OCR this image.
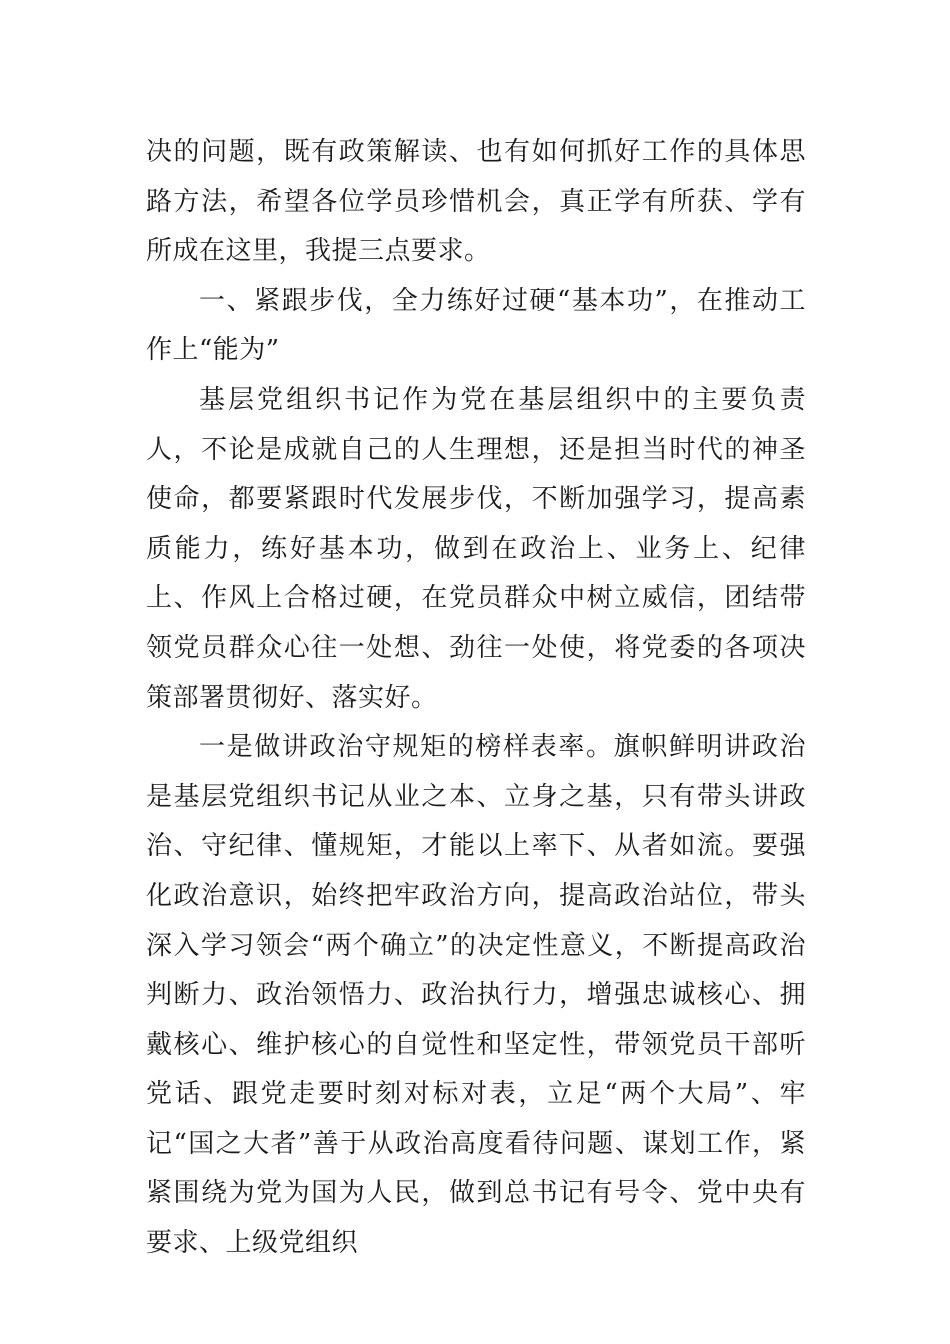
决的问题，既有政策解读、也有如何抓好工作的具体思路方法，希望各位学员珍惜机会，真正学有所获、学有所成在这里，我提三点要求。

一、紧跟步伐，全力练好过硬“基本功”，在推动工作上“能为”

基层党组织书记作为党在基层组织中的主要负责人，不论是成就自己的人生理想，还是担当时代的神圣使命，都要紧跟时代发展步伐，不断加强学习，提高素质能力，练好基本功，做到在政治上、业务上、纪律上、作风上合格过硬，在党员群众中树立威信，团结带领党员群众心往一处想、劲往一处使，将党委的各项决策部署贯彻好、落实好。

一是做讲政治守规矩的榜样表率。旗帜鲜明讲政治是基层党组织书记从业之本、立身之基，只有带头讲政治、守纪律、懂规矩，才能以上率下、从者如流。要强化政治意识，始终把牢政治方向，提高政治站位，带头深入学习领会“两个确立”的决定性意义，不断提高政治判断力、政治领悟力、政治执行力，增强忠诚核心、拥戴核心、维护核心的自觉性和坚定性，带领党员干部听党话、跟党走要时刻对标对表，立足“两个大局”、牢记“国之大者”善于从政治高度看待问题、谋划工作，紧紧围绕为党为国为人民，做到总书记有号令、党中央有要求、上级党组织
